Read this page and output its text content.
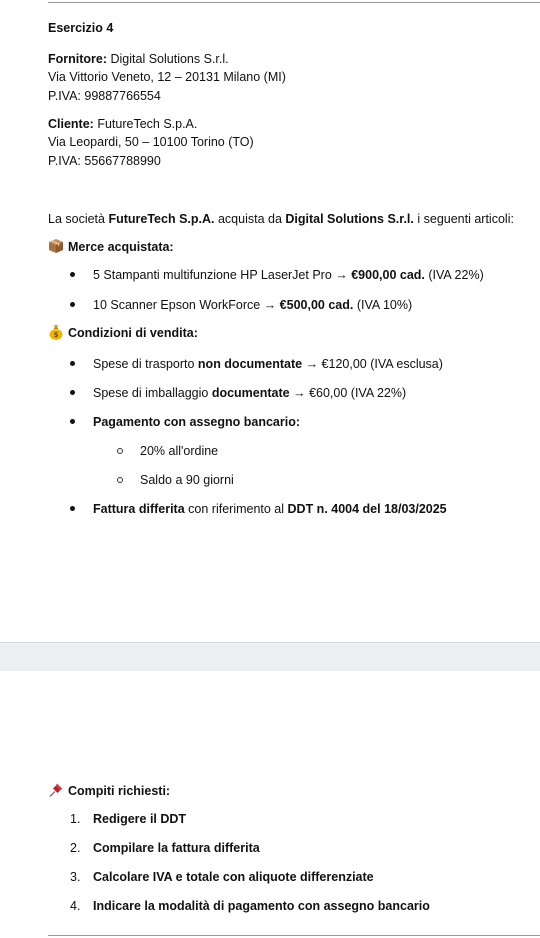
Esercizio 4
Fornitore: Digital Solutions S.r.l.
Via Vittorio Veneto, 12 – 20131 Milano (MI)
P.IVA: 99887766554
Cliente: FutureTech S.p.A.
Via Leopardi, 50 – 10100 Torino (TO)
P.IVA: 55667788990
La società FutureTech S.p.A. acquista da Digital Solutions S.r.l. i seguenti articoli:
Merce acquistata:
5 Stampanti multifunzione HP LaserJet Pro → €900,00 cad. (IVA 22%)
10 Scanner Epson WorkForce → €500,00 cad. (IVA 10%)
$ Condizioni di vendita:
Spese di trasporto non documentate → €120,00 (IVA esclusa)
Spese di imballaggio documentate → €60,00 (IVA 22%)
Pagamento con assegno bancario:
20% all'ordine
Saldo a 90 giorni
Fattura differita con riferimento al DDT n. 4004 del 18/03/2025
Compiti richiesti:
1. Redigere il DDT
2. Compilare la fattura differita
3. Calcolare IVA e totale con aliquote differenziate
4. Indicare la modalità di pagamento con assegno bancario
